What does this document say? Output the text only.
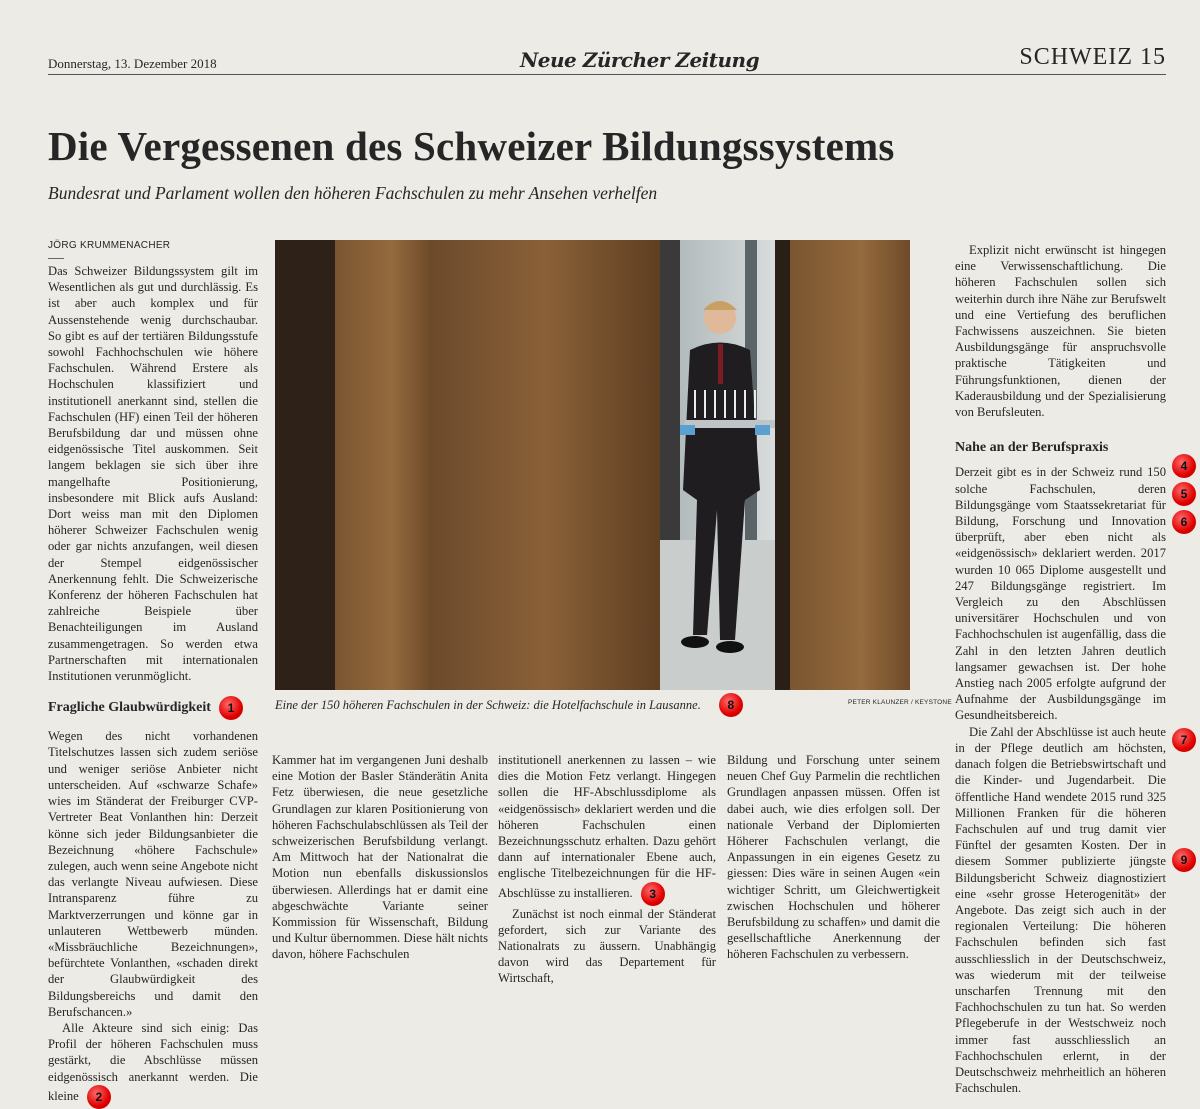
Donnerstag, 13. Dezember 2018	Neue Zürcher Zeitung	SCHWEIZ 15
Die Vergessenen des Schweizer Bildungssystems
Bundesrat und Parlament wollen den höheren Fachschulen zu mehr Ansehen verhelfen
JÖRG KRUMMENACHER

Das Schweizer Bildungssystem gilt im Wesentlichen als gut und durchlässig. Es ist aber auch komplex und für Aussenstehende wenig durchschaubar. So gibt es auf der tertiären Bildungsstufe sowohl Fachhochschulen wie höhere Fachschulen. Während Erstere als Hochschulen klassifiziert und institutionell anerkannt sind, stellen die Fachschulen (HF) einen Teil der höheren Berufsbildung dar und müssen ohne eidgenössische Titel auskommen. Seit langem beklagen sie sich über ihre mangelhafte Positionierung, insbesondere mit Blick aufs Ausland: Dort weiss man mit den Diplomen höherer Schweizer Fachschulen wenig oder gar nichts anzufangen, weil diesen der Stempel eidgenössischer Anerkennung fehlt. Die Schweizerische Konferenz der höheren Fachschulen hat zahlreiche Beispiele über Benachteiligungen im Ausland zusammengetragen. So werden etwa Partnerschaften mit internationalen Institutionen verunmöglicht.

Fragliche Glaubwürdigkeit 1

Wegen des nicht vorhandenen Titelschutzes lassen sich zudem seriöse und weniger seriöse Anbieter nicht unterscheiden. Auf «schwarze Schafe» wies im Ständerat der Freiburger CVP-Vertreter Beat Vonlanthen hin: Derzeit könne sich jeder Bildungsanbieter die Bezeichnung «höhere Fachschule» zulegen, auch wenn seine Angebote nicht das verlangte Niveau aufwiesen. Diese Intransparenz führe zu Marktverzerrungen und könne gar in unlauteren Wettbewerb münden. «Missbräuchliche Bezeichnungen», befürchtete Vonlanthen, «schaden direkt der Glaubwürdigkeit des Bildungsbereichs und damit den Berufschancen.»

Alle Akteure sind sich einig: Das Profil der höheren Fachschulen muss gestärkt, die Abschlüsse müssen eidgenössisch anerkannt werden. Die kleine 2

Eine der 150 höheren Fachschulen in der Schweiz: die Hotelfachschule in Lausanne.	8	PETER KLAUNZER / KEYSTONE

Kammer hat im vergangenen Juni deshalb eine Motion der Basler Ständerätin Anita Fetz überwiesen, die neue gesetzliche Grundlagen zur klaren Positionierung von höheren Fachschulabschlüssen als Teil der schweizerischen Berufsbildung verlangt. Am Mittwoch hat der Nationalrat die Motion nun ebenfalls diskussionslos überwiesen. Allerdings hat er damit eine abgeschwächte Variante seiner Kommission für Wissenschaft, Bildung und Kultur übernommen. Diese hält nichts davon, höhere Fachschulen

institutionell anerkennen zu lassen – wie dies die Motion Fetz verlangt. Hingegen sollen die HF-Abschlussdiplome als «eidgenössisch» deklariert werden und die höheren Fachschulen einen Bezeichnungsschutz erhalten. Dazu gehört dann auf internationaler Ebene auch, englische Titelbezeichnungen für die HF-Abschlüsse zu installieren. 3

Zunächst ist noch einmal der Ständerat gefordert, sich zur Variante des Nationalrats zu äussern. Unabhängig davon wird das Departement für Wirtschaft,

Bildung und Forschung unter seinem neuen Chef Guy Parmelin die rechtlichen Grundlagen anpassen müssen. Offen ist dabei auch, wie dies erfolgen soll. Der nationale Verband der Diplomierten Höherer Fachschulen verlangt, die Anpassungen in ein eigenes Gesetz zu giessen: Dies wäre in seinen Augen «ein wichtiger Schritt, um Gleichwertigkeit zwischen Hochschulen und höherer Berufsbildung zu schaffen» und damit die gesellschaftliche Anerkennung der höheren Fachschulen zu verbessern.

Explizit nicht erwünscht ist hingegen eine Verwissenschaftlichung. Die höheren Fachschulen sollen sich weiterhin durch ihre Nähe zur Berufswelt und eine Vertiefung des beruflichen Fachwissens auszeichnen. Sie bieten Ausbildungsgänge für anspruchsvolle praktische Tätigkeiten und Führungsfunktionen, dienen der Kaderausbildung und der Spezialisierung von Berufsleuten.

Nahe an der Berufspraxis

Derzeit gibt es in der Schweiz rund 150 solche Fachschulen, deren Bildungsgänge vom Staatssekretariat für Bildung, Forschung und Innovation überprüft, aber eben nicht als «eidgenössisch» deklariert werden. 2017 wurden 10 065 Diplome ausgestellt und 247 Bildungsgänge registriert. Im Vergleich zu den Abschlüssen universitärer Hochschulen und von Fachhochschulen ist augenfällig, dass die Zahl in den letzten Jahren deutlich langsamer gewachsen ist. Der hohe Anstieg nach 2005 erfolgte aufgrund der Aufnahme der Ausbildungsgänge im Gesundheitsbereich.

Die Zahl der Abschlüsse ist auch heute in der Pflege deutlich am höchsten, danach folgen die Betriebswirtschaft und die Kinder- und Jugendarbeit. Die öffentliche Hand wendete 2015 rund 325 Millionen Franken für die höheren Fachschulen auf und trug damit vier Fünftel der gesamten Kosten. Der in diesem Sommer publizierte jüngste Bildungsbericht Schweiz diagnostiziert eine «sehr grosse Heterogenität» der Angebote. Das zeigt sich auch in der regionalen Verteilung: Die höheren Fachschulen befinden sich fast ausschliesslich in der Deutschschweiz, was wiederum mit der teilweise unscharfen Trennung mit den Fachhochschulen zu tun hat. So werden Pflegeberufe in der Westschweiz noch immer fast ausschliesslich an Fachhochschulen erlernt, in der Deutschschweiz mehrheitlich an höheren Fachschulen.

4
5
6
7
9
